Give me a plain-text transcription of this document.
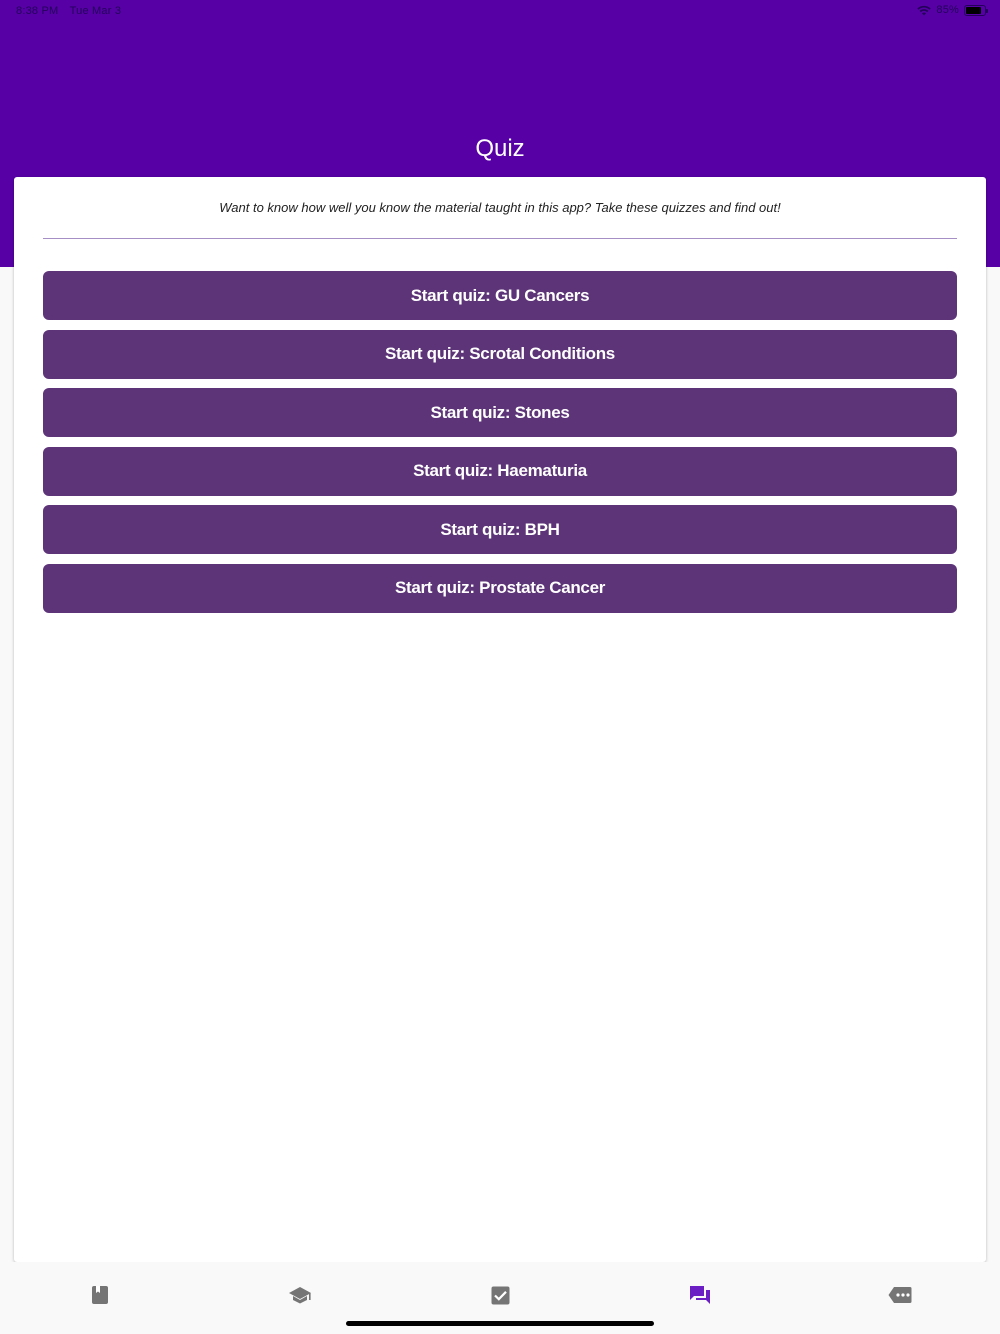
8:38 PM Tue Mar 3	85%
Quiz

Want to know how well you know the material taught in this app? Take these quizzes and find out!

Start quiz: GU Cancers
Start quiz: Scrotal Conditions
Start quiz: Stones
Start quiz: Haematuria
Start quiz: BPH
Start quiz: Prostate Cancer
